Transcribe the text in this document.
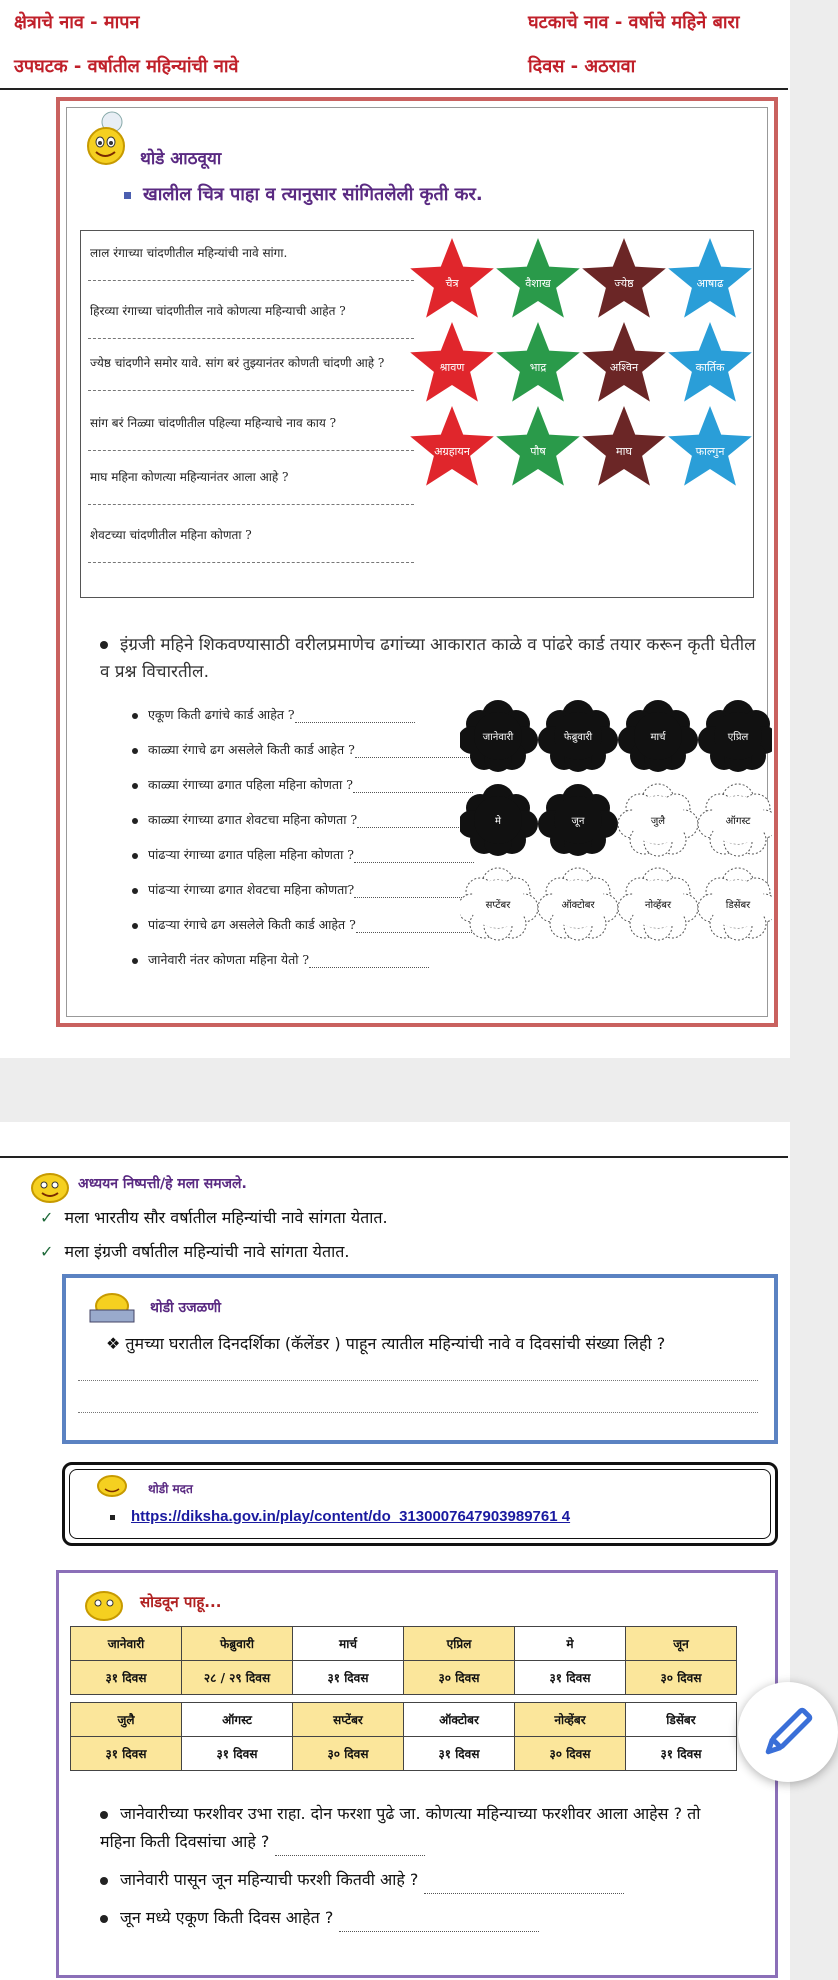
क्षेत्राचे नाव - मापन	घटकाचे नाव - वर्षाचे महिने बारा
उपघटक - वर्षातील महिन्यांची नावे	दिवस - अठरावा
थोडे आठवूया
खालील चित्र पाहा व त्यानुसार सांगितलेली कृती कर.
लाल रंगाच्या चांदणीतील महिन्यांची नावे सांगा.
हिरव्या रंगाच्या चांदणीतील नावे कोणत्या महिन्याची आहेत ?
ज्येष्ठ चांदणीने समोर यावे. सांग बरं तुझ्यानंतर कोणती चांदणी आहे ?
सांग बरं निळ्या चांदणीतील पहिल्या महिन्याचे नाव काय ?
माघ महिना कोणत्या महिन्यानंतर आला आहे ?
शेवटच्या चांदणीतील महिना कोणता ?
चैत्र	वैशाख	ज्येष्ठ	आषाढ
श्रावण	भाद्र	अश्विन	कार्तिक
अग्रहायन	पौष	माघ	फाल्गुन
इंग्रजी महिने शिकवण्यासाठी वरीलप्रमाणेच ढगांच्या आकारात काळे व पांढरे कार्ड तयार करून कृती घेतील व प्रश्न विचारतील.
एकूण किती ढगांचे कार्ड आहेत ?
काळ्या रंगाचे ढग असलेले किती कार्ड आहेत ?
काळ्या रंगाच्या ढगात पहिला महिना कोणता ?
काळ्या रंगाच्या ढगात शेवटचा महिना कोणता ?
पांढऱ्या रंगाच्या ढगात पहिला महिना कोणता ?
पांढऱ्या रंगाच्या ढगात शेवटचा महिना कोणता?
पांढऱ्या रंगाचे ढग असलेले किती कार्ड आहेत ?
जानेवारी नंतर कोणता महिना येतो ?
जानेवारी	फेब्रुवारी	मार्च	एप्रिल
मे	जून	जुलै	ऑगस्ट
सप्टेंबर	ऑक्टोबर	नोव्हेंबर	डिसेंबर
अध्ययन निष्पत्ती/हे मला समजले.
✓ मला भारतीय सौर वर्षातील महिन्यांची नावे सांगता येतात.
✓ मला इंग्रजी वर्षातील महिन्यांची नावे सांगता येतात.
थोडी उजळणी
❖ तुमच्या घरातील दिनदर्शिका (कॅलेंडर ) पाहून त्यातील महिन्यांची नावे व दिवसांची संख्या लिही ?
थोडी मदत
https://diksha.gov.in/play/content/do_3130007647903989761 4
सोडवून पाहू...
जानेवारी	फेब्रुवारी	मार्च	एप्रिल	मे	जून
३१ दिवस	२८ / २९ दिवस	३१ दिवस	३० दिवस	३१ दिवस	३० दिवस

जुलै	ऑगस्ट	सप्टेंबर	ऑक्टोबर	नोव्हेंबर	डिसेंबर
३१ दिवस	३१ दिवस	३० दिवस	३१ दिवस	३० दिवस	३१ दिवस
जानेवारीच्या फरशीवर उभा राहा. दोन फरशा पुढे जा. कोणत्या महिन्याच्या फरशीवर आला आहेस ? तो महिना किती दिवसांचा आहे ?
जानेवारी पासून जून महिन्याची फरशी कितवी आहे ?
जून मध्ये एकूण किती दिवस आहेत ?
